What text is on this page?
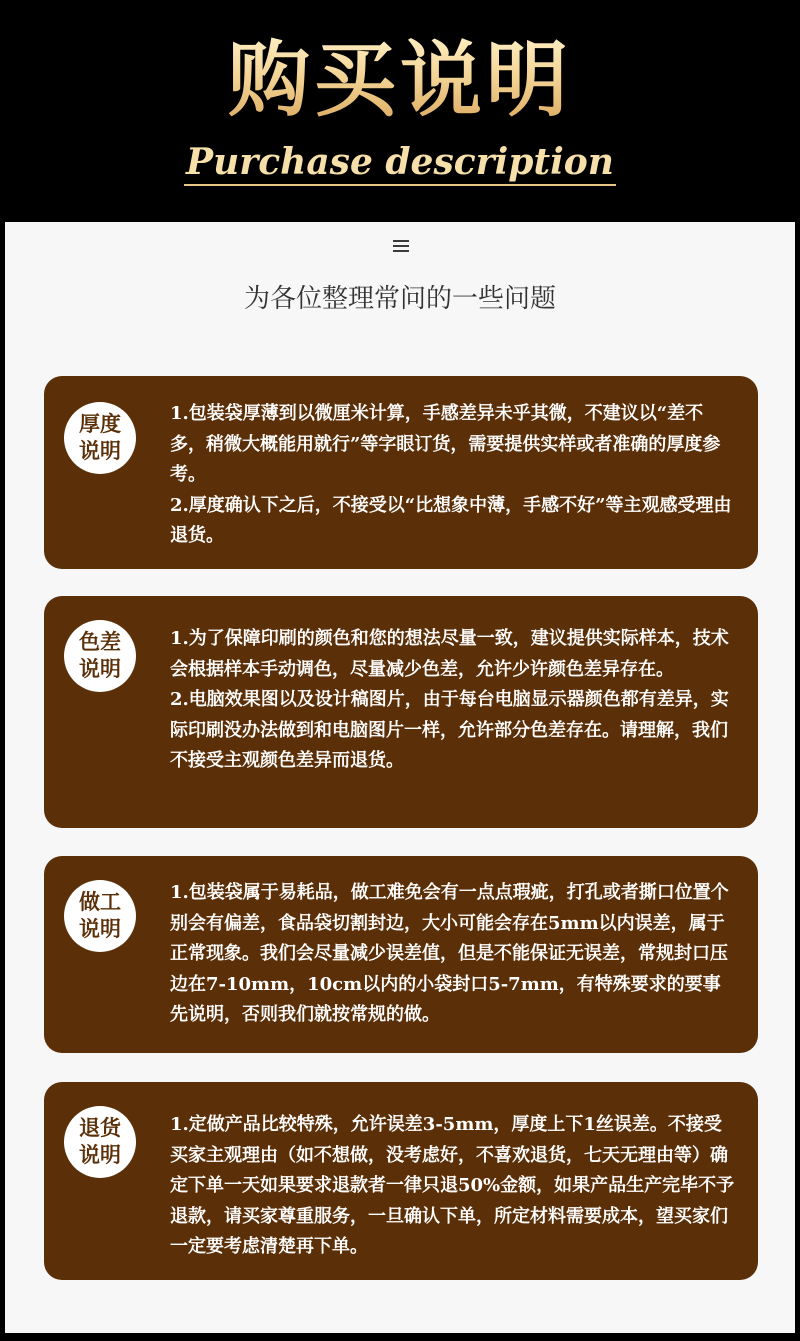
购买说明
Purchase description
为各位整理常问的一些问题
厚度
说明
1.包装袋厚薄到以微厘米计算，手感差异未乎其微，不建议以“差不多，稍微大概能用就行”等字眼订货，需要提供实样或者准确的厚度参考。
2.厚度确认下之后，不接受以“比想象中薄，手感不好”等主观感受理由退货。
色差
说明
1.为了保障印刷的颜色和您的想法尽量一致，建议提供实际样本，技术会根据样本手动调色，尽量减少色差，允许少许颜色差异存在。
2.电脑效果图以及设计稿图片，由于每台电脑显示器颜色都有差异，实际印刷没办法做到和电脑图片一样，允许部分色差存在。请理解，我们不接受主观颜色差异而退货。
做工
说明
1.包装袋属于易耗品，做工难免会有一点点瑕疵，打孔或者撕口位置个别会有偏差，食品袋切割封边，大小可能会存在5mm以内误差，属于正常现象。我们会尽量减少误差值，但是不能保证无误差，常规封口压边在7-10mm，10cm以内的小袋封口5-7mm，有特殊要求的要事先说明，否则我们就按常规的做。
退货
说明
1.定做产品比较特殊，允许误差3-5mm，厚度上下1丝误差。不接受买家主观理由（如不想做，没考虑好，不喜欢退货，七天无理由等）确定下单一天如果要求退款者一律只退50%金额，如果产品生产完毕不予退款，请买家尊重服务，一旦确认下单，所定材料需要成本，望买家们一定要考虑清楚再下单。
